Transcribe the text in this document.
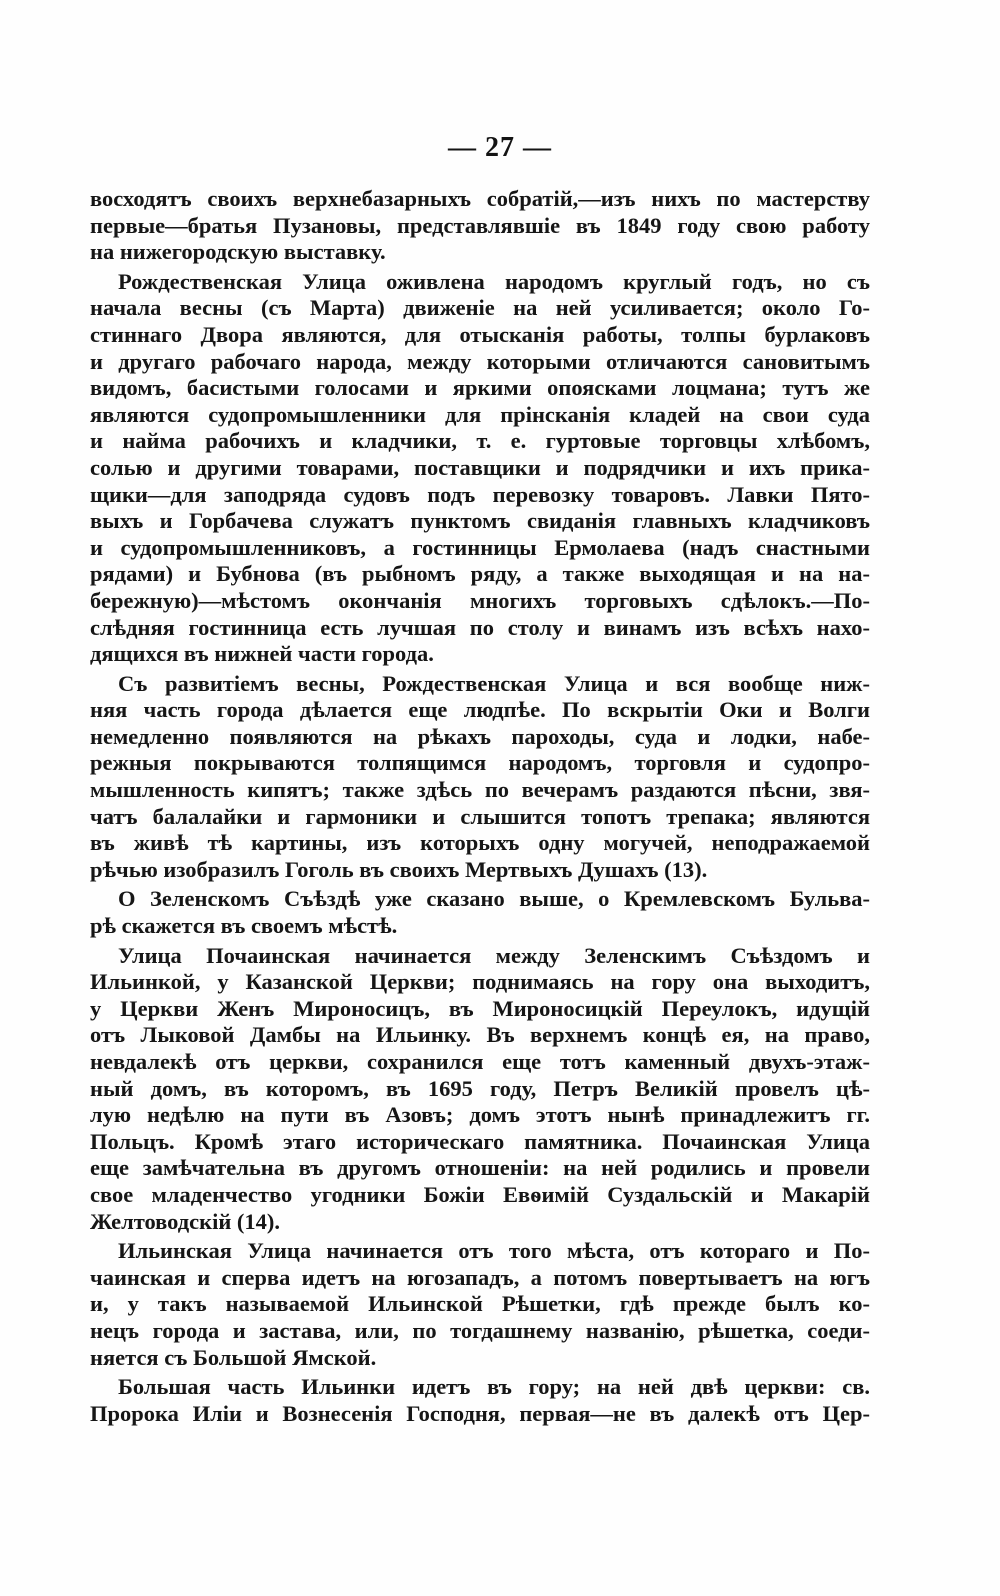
— 27 —
восходятъ своихъ верхнебазарныхъ собратій,—изъ нихъ по мастерству
первые—братья Пузановы, представлявшіе въ 1849 году свою работу
на нижегородскую выставку.
Рождественская Улица оживлена народомъ круглый годъ, но съ
начала весны (съ Марта) движеніе на ней усиливается; около Го-
стиннаго Двора являются, для отысканія работы, толпы бурлаковъ
и другаго рабочаго народа, между которыми отличаются сановитымъ
видомъ, басистыми голосами и яркими опоясками лоцмана; тутъ же
являются судопромышленники для прінсканія кладей на свои суда
и найма рабочихъ и кладчики, т. е. гуртовые торговцы хлѣбомъ,
солью и другими товарами, поставщики и подрядчики и ихъ прика-
щики—для заподряда судовъ подъ перевозку товаровъ. Лавки Пято-
выхъ и Горбачева служатъ пунктомъ свиданія главныхъ кладчиковъ
и судопромышленниковъ, а гостинницы Ермолаева (надъ снастными
рядами) и Бубнова (въ рыбномъ ряду, а также выходящая и на на-
бережную)—мѣстомъ окончанія многихъ торговыхъ сдѣлокъ.—По-
слѣдняя гостинница есть лучшая по столу и винамъ изъ всѣхъ нахо-
дящихся въ нижней части города.
Съ развитіемъ весны, Рождественская Улица и вся вообще ниж-
няя часть города дѣлается еще людпѣе. По вскрытіи Оки и Волги
немедленно появляются на рѣкахъ пароходы, суда и лодки, набе-
режныя покрываются толпящимся народомъ, торговля и судопро-
мышленность кипятъ; также здѣсь по вечерамъ раздаются пѣсни, звя-
чатъ балалайки и гармоники и слышится топотъ трепака; являются
въ живѣ тѣ картины, изъ которыхъ одну могучей, неподражаемой
рѣчью изобразилъ Гоголь въ своихъ Мертвыхъ Душахъ (13).
О Зеленскомъ Съѣздѣ уже сказано выше, о Кремлевскомъ Бульва-
рѣ скажется въ своемъ мѣстѣ.
Улица Почаинская начинается между Зеленскимъ Съѣздомъ и
Ильинкой, у Казанской Церкви; поднимаясь на гору она выходитъ,
у Церкви Женъ Мироносицъ, въ Мироносицкій Переулокъ, идущій
отъ Лыковой Дамбы на Ильинку. Въ верхнемъ концѣ ея, на право,
невдалекѣ отъ церкви, сохранился еще тотъ каменный двухъ-этаж-
ный домъ, въ которомъ, въ 1695 году, Петръ Великій провелъ цѣ-
лую недѣлю на пути въ Азовъ; домъ этотъ нынѣ принадлежитъ гг.
Польцъ. Кромѣ этаго историческаго памятника. Почаинская Улица
еще замѣчательна въ другомъ отношеніи: на ней родились и провели
свое младенчество угодники Божіи Евѳимій Суздальскій и Макарій
Желтоводскій (14).
Ильинская Улица начинается отъ того мѣста, отъ котораго и По-
чаинская и сперва идетъ на югозападъ, а потомъ повертываетъ на югъ
и, у такъ называемой Ильинской Рѣшетки, гдѣ прежде былъ ко-
нецъ города и застава, или, по тогдашнему названію, рѣшетка, соеди-
няется съ Большой Ямской.
Большая часть Ильинки идетъ въ гору; на ней двѣ церкви: св.
Пророка Иліи и Вознесенія Господня, первая—не въ далекѣ отъ Цер-
